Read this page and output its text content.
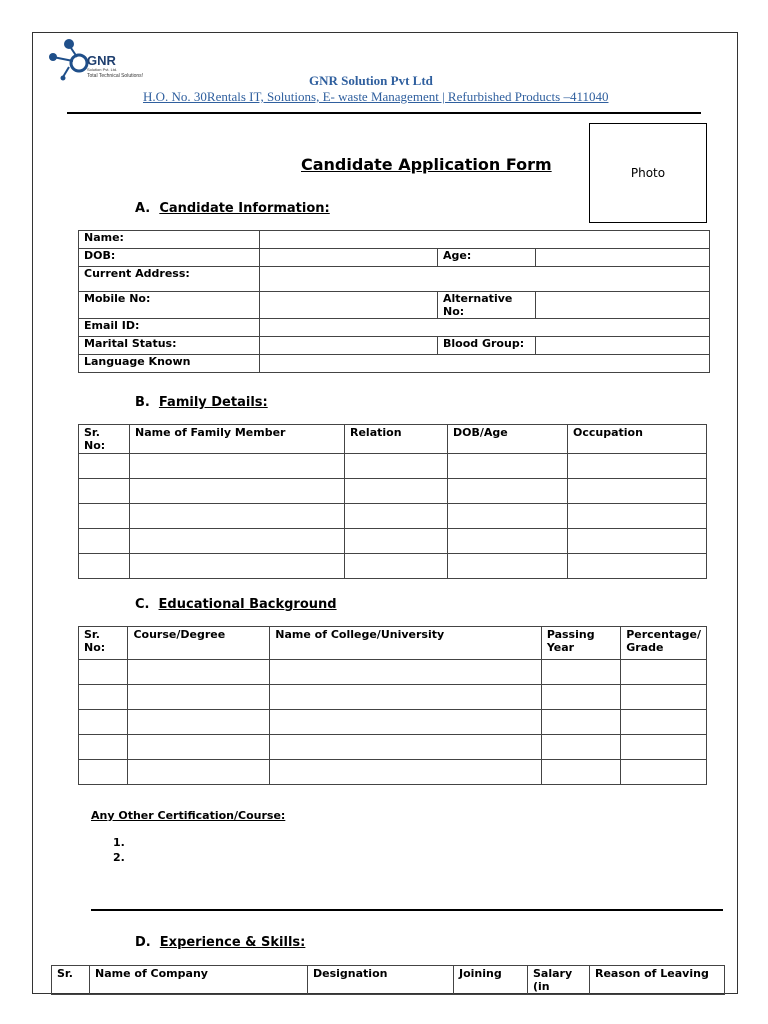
GNR
Solution Pvt. Ltd.
Total Technical Solutions!	GNR Solution Pvt Ltd
H.O. No. 30Rentals IT, Solutions, E- waste Management | Refurbished Products –411040
Candidate Application Form	Photo
A. Candidate Information:
Name:			
DOB:		Age:	
Current Address:			
Mobile No:		Alternative No:	
Email ID:			
Marital Status:		Blood Group:	
Language Known			
B. Family Details:
Sr. No:	Name of Family Member	Relation	DOB/Age	Occupation

C. Educational Background
Sr. No:	Course/Degree	Name of College/University	Passing Year	Percentage/ Grade

Any Other Certification/Course:
1.
2.
D. Experience & Skills:
Sr.	Name of Company	Designation	Joining	Salary (in	Reason of Leaving
